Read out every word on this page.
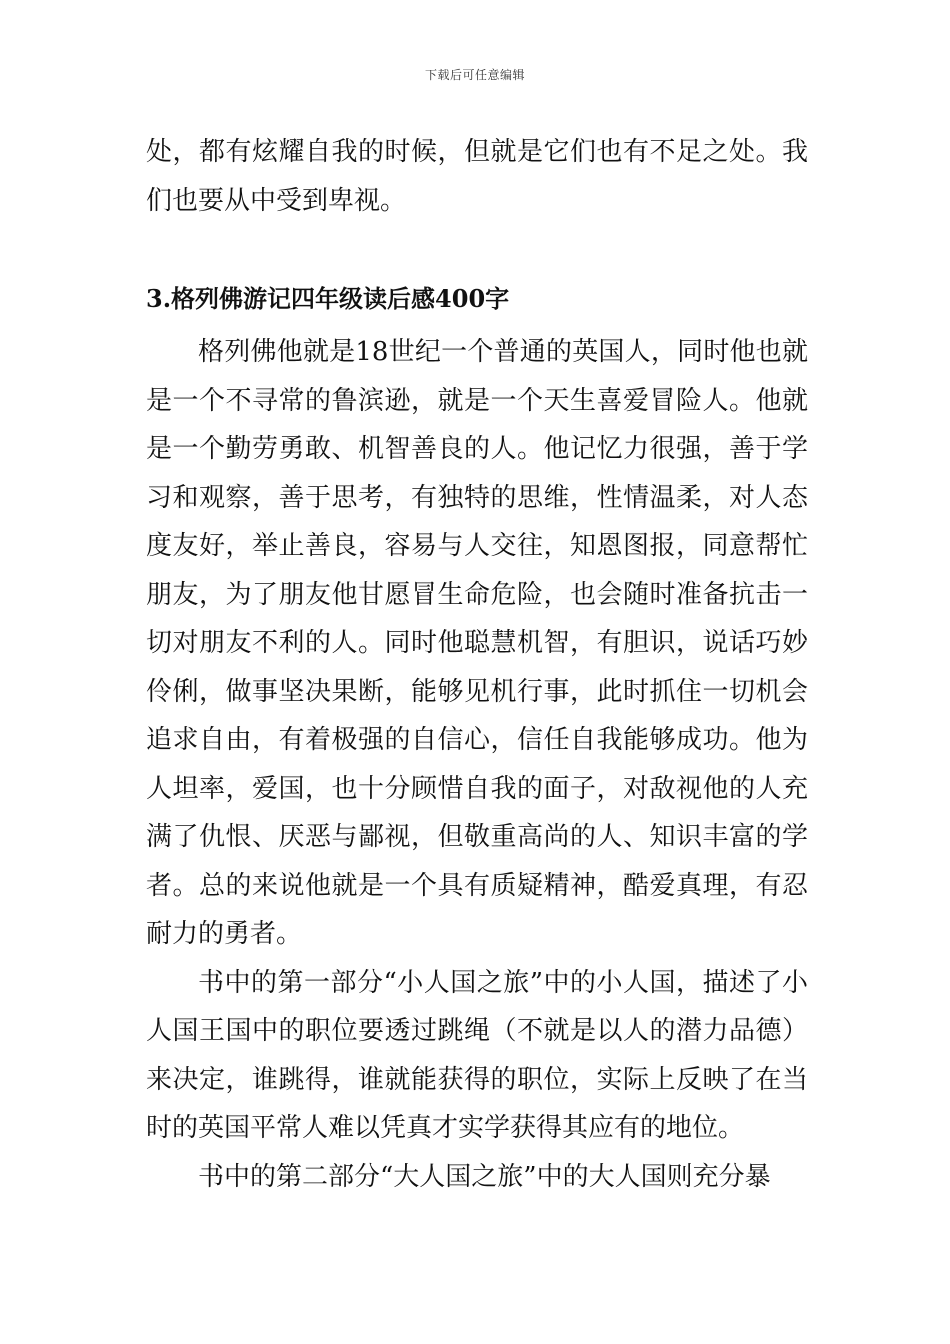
下载后可任意编辑

处，都有炫耀自我的时候，但就是它们也有不足之处。我们也要从中受到卑视。

3.格列佛游记四年级读后感400字

格列佛他就是18世纪一个普通的英国人，同时他也就是一个不寻常的鲁滨逊，就是一个天生喜爱冒险人。他就是一个勤劳勇敢、机智善良的人。他记忆力很强，善于学习和观察，善于思考，有独特的思维，性情温柔，对人态度友好，举止善良，容易与人交往，知恩图报，同意帮忙朋友，为了朋友他甘愿冒生命危险，也会随时准备抗击一切对朋友不利的人。同时他聪慧机智，有胆识，说话巧妙伶俐，做事坚决果断，能够见机行事，此时抓住一切机会追求自由，有着极强的自信心，信任自我能够成功。他为人坦率，爱国，也十分顾惜自我的面子，对敌视他的人充满了仇恨、厌恶与鄙视，但敬重高尚的人、知识丰富的学者。总的来说他就是一个具有质疑精神，酷爱真理，有忍耐力的勇者。

书中的第一部分“小人国之旅”中的小人国，描述了小人国王国中的职位要透过跳绳（不就是以人的潜力品德）来决定，谁跳得，谁就能获得的职位，实际上反映了在当时的英国平常人难以凭真才实学获得其应有的地位。

书中的第二部分“大人国之旅”中的大人国则充分暴
